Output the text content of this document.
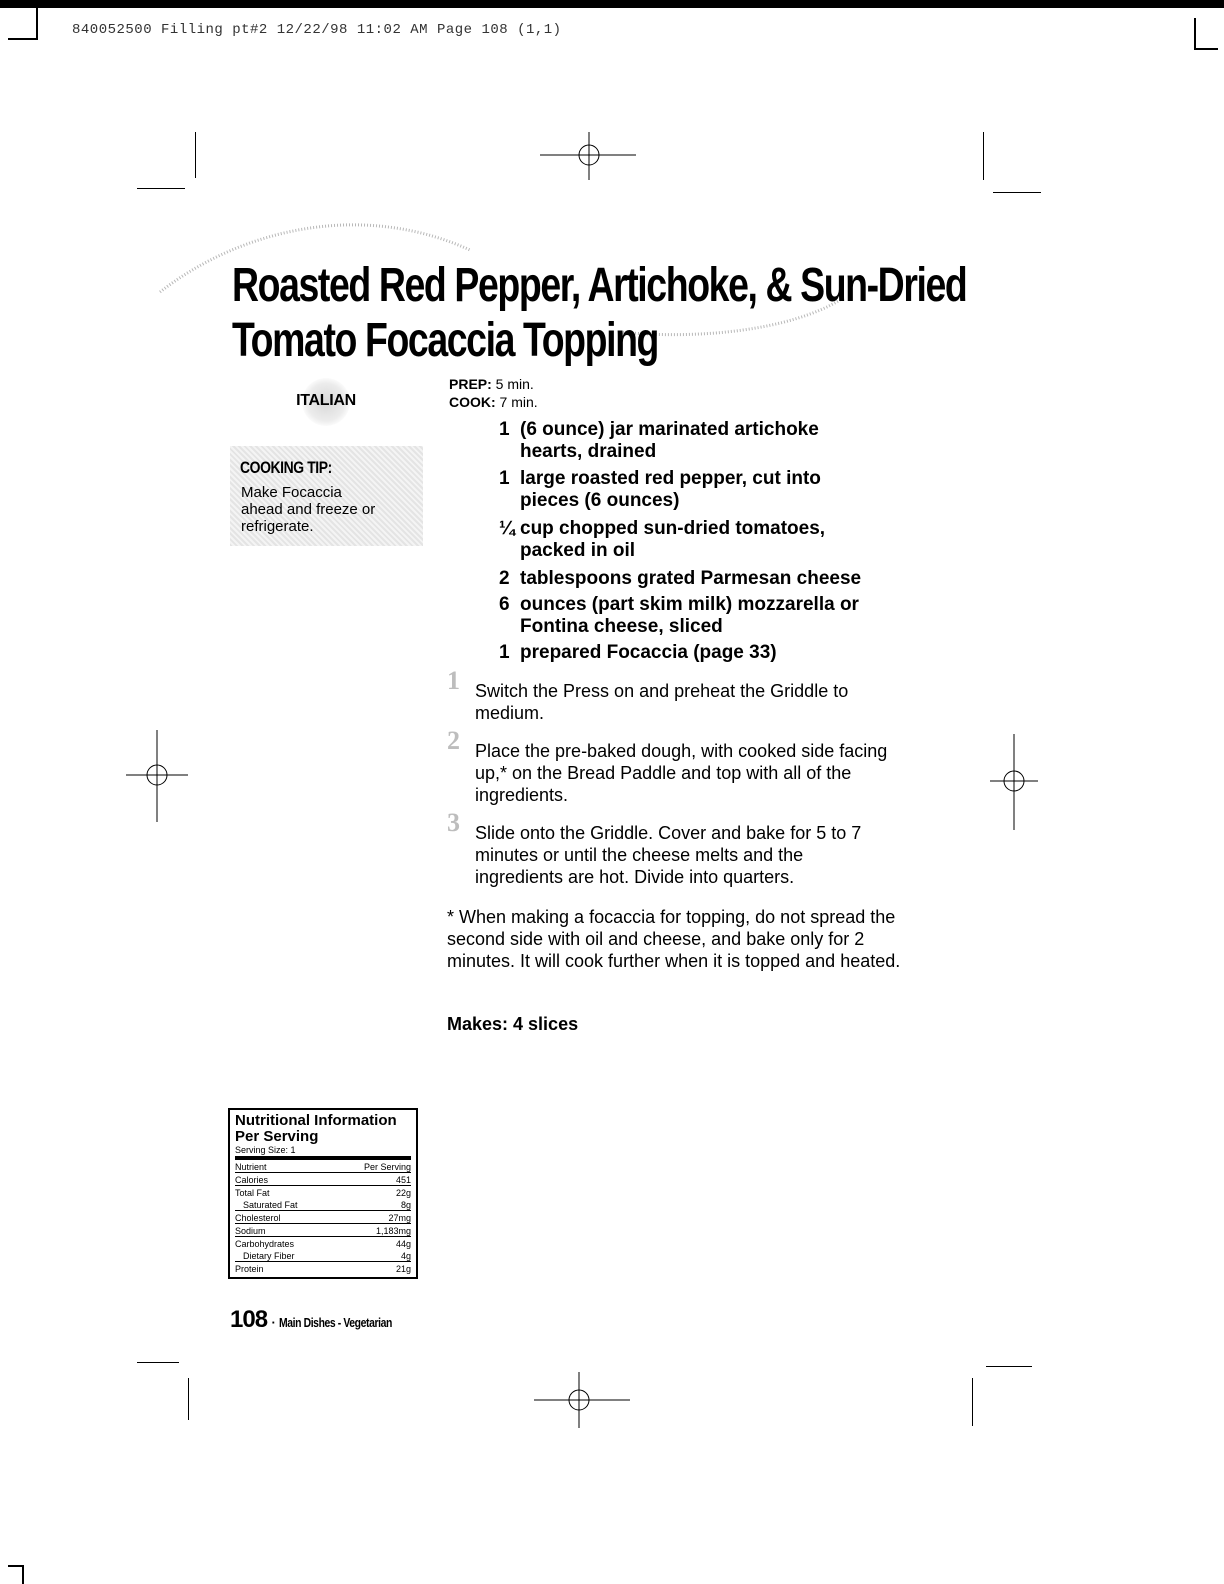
840052500 Filling pt#2 12/22/98 11:02 AM Page 108 (1,1)
Roasted Red Pepper, Artichoke, & Sun-Dried
Tomato Focaccia Topping
ITALIAN
COOKING TIP:
Make Focaccia ahead and freeze or refrigerate.
PREP: 5 min.
COOK: 7 min.
1 (6 ounce) jar marinated artichoke hearts, drained
1 large roasted red pepper, cut into pieces (6 ounces)
¼ cup chopped sun-dried tomatoes, packed in oil
2 tablespoons grated Parmesan cheese
6 ounces (part skim milk) mozzarella or Fontina cheese, sliced
1 prepared Focaccia (page 33)
1 Switch the Press on and preheat the Griddle to medium.
2 Place the pre-baked dough, with cooked side facing up,* on the Bread Paddle and top with all of the ingredients.
3 Slide onto the Griddle. Cover and bake for 5 to 7 minutes or until the cheese melts and the ingredients are hot. Divide into quarters.
* When making a focaccia for topping, do not spread the second side with oil and cheese, and bake only for 2 minutes. It will cook further when it is topped and heated.
Makes: 4 slices
Nutritional Information Per Serving
Serving Size: 1
Nutrient	Per Serving
Calories	451
Total Fat	22g
Saturated Fat	8g
Cholesterol	27mg
Sodium	1,183mg
Carbohydrates	44g
Dietary Fiber	4g
Protein	21g
108 · Main Dishes - Vegetarian
